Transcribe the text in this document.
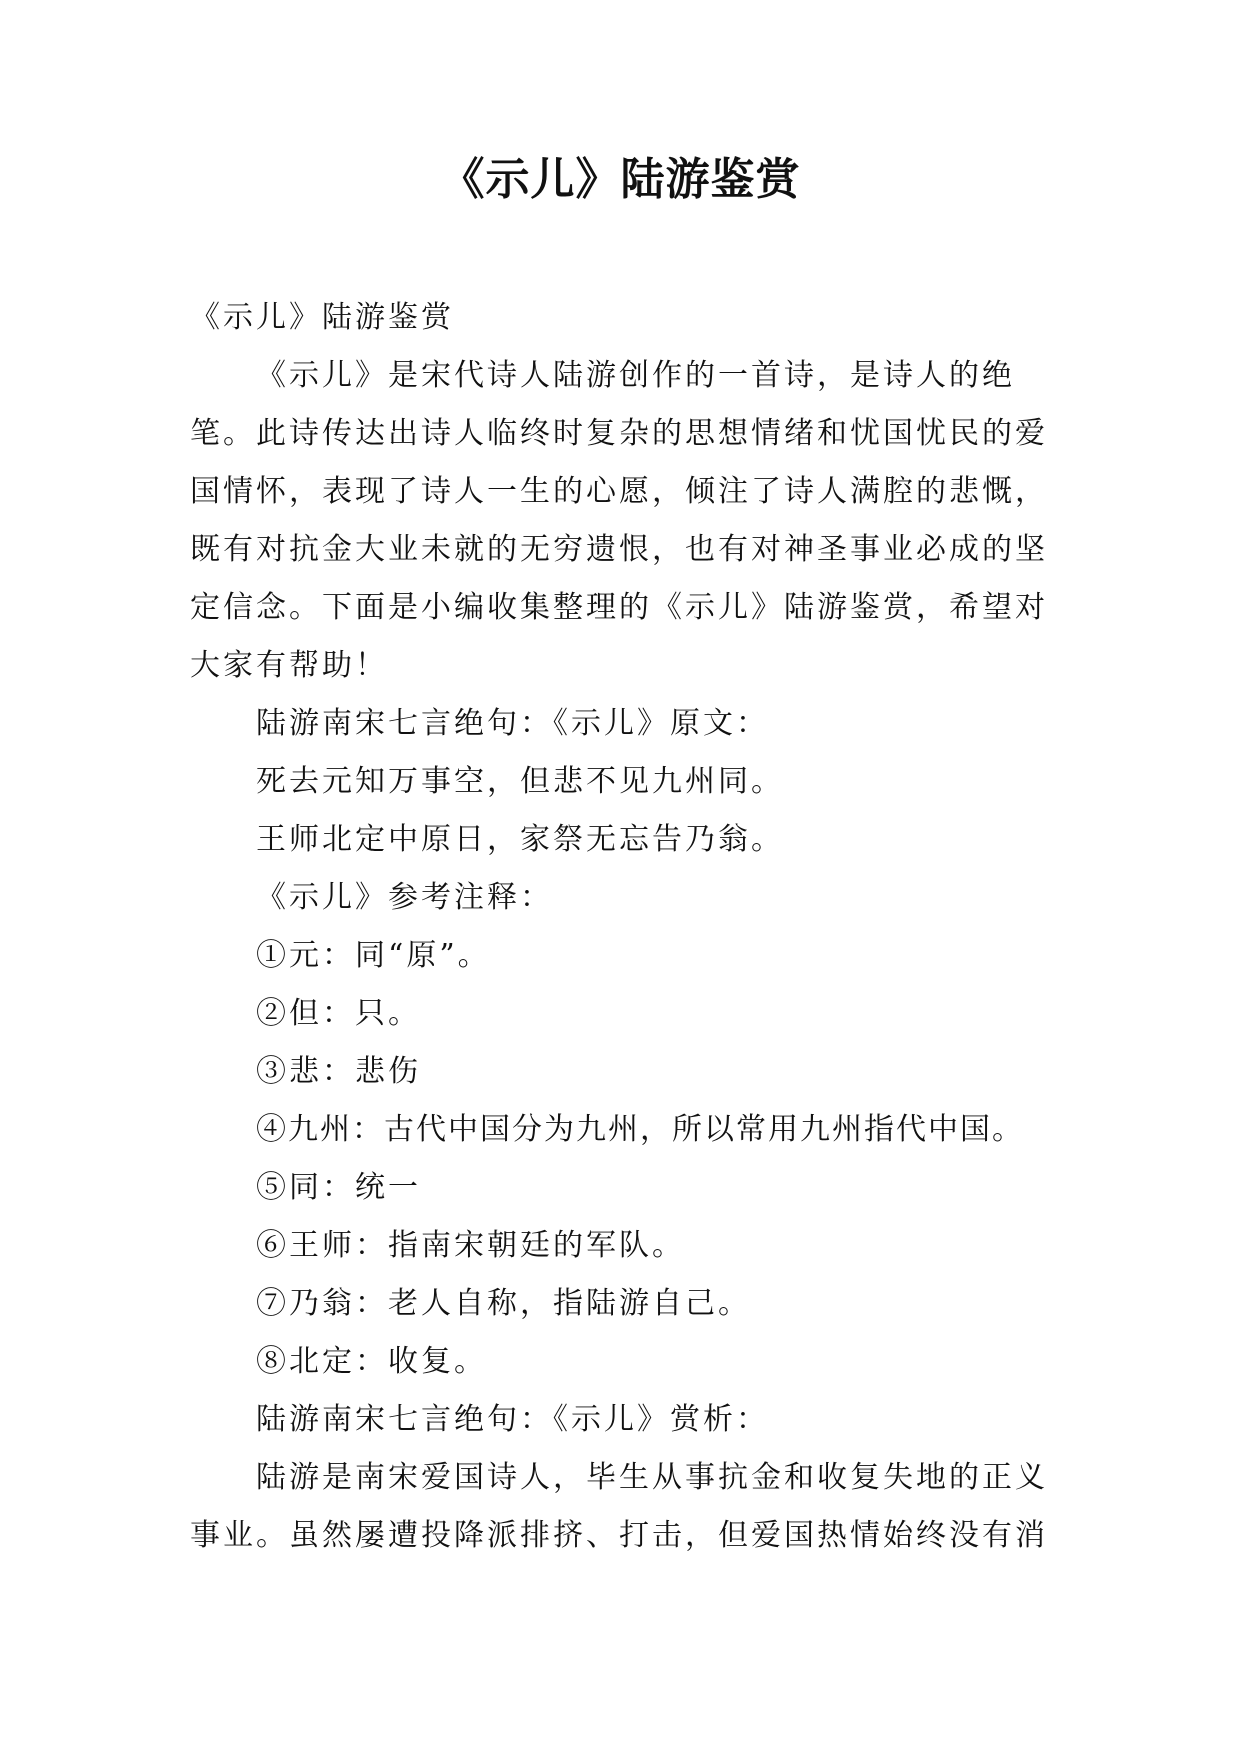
《示儿》陆游鉴赏

《示儿》陆游鉴赏

《示儿》是宋代诗人陆游创作的一首诗，是诗人的绝笔。此诗传达出诗人临终时复杂的思想情绪和忧国忧民的爱国情怀，表现了诗人一生的心愿，倾注了诗人满腔的悲慨，既有对抗金大业未就的无穷遗恨，也有对神圣事业必成的坚定信念。下面是小编收集整理的《示儿》陆游鉴赏，希望对大家有帮助！

陆游南宋七言绝句：《示儿》原文：

死去元知万事空，但悲不见九州同。

王师北定中原日，家祭无忘告乃翁。

《示儿》参考注释：

①元：同“原”。

②但：只。

③悲：悲伤

④九州：古代中国分为九州，所以常用九州指代中国。

⑤同：统一

⑥王师：指南宋朝廷的军队。

⑦乃翁：老人自称，指陆游自己。

⑧北定：收复。

陆游南宋七言绝句：《示儿》赏析：

陆游是南宋爱国诗人，毕生从事抗金和收复失地的正义事业。虽然屡遭投降派排挤、打击，但爱国热情始终没有消
